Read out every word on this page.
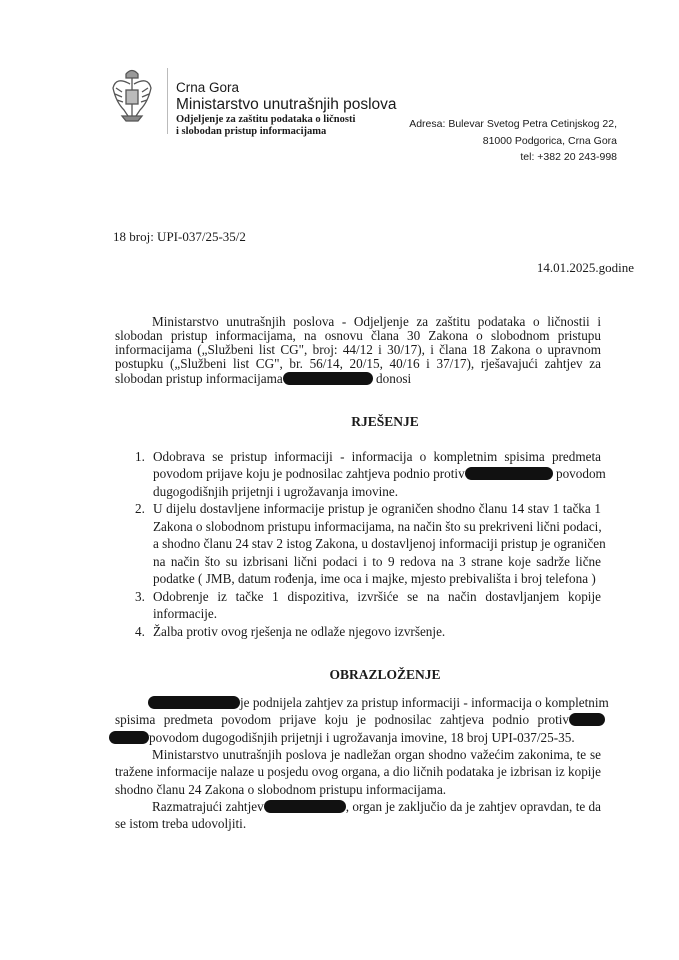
Crna Gora
Ministarstvo unutrašnjih poslova
Odjeljenje za zaštitu podataka o ličnosti
i slobodan pristup informacijama
Adresa: Bulevar Svetog Petra Cetinjskog 22,
81000 Podgorica, Crna Gora
tel: +382 20 243-998
18 broj: UPI-037/25-35/2
14.01.2025.godine
Ministarstvo unutrašnjih poslova - Odjeljenje za zaštitu podataka o ličnostii i
slobodan pristup informacijama, na osnovu člana 30 Zakona o slobodnom pristupu
informacijama („Službeni list CG", broj: 44/12 i 30/17), i člana 18 Zakona o upravnom
postupku („Službeni list CG", br. 56/14, 20/15, 40/16 i 37/17), rješavajući zahtjev za
slobodan pristup informacijama	donosi
RJEŠENJE
1. Odobrava se pristup informaciji - informacija o kompletnim spisima predmeta
povodom prijave koju je podnosilac zahtjeva podnio protiv	povodom
dugogodišnjih prijetnji i ugrožavanja imovine.
2. U dijelu dostavljene informacije pristup je ograničen shodno članu 14 stav 1 tačka 1
Zakona o slobodnom pristupu informacijama, na način što su prekriveni lični podaci,
a shodno članu 24 stav 2 istog Zakona, u dostavljenoj informaciji pristup je ograničen
na način što su izbrisani lični podaci i to 9 redova na 3 strane koje sadrže lične
podatke ( JMB, datum rođenja, ime oca i majke, mjesto prebivališta i broj telefona )
3. Odobrenje iz tačke 1 dispozitiva, izvršiće se na način dostavljanjem kopije
informacije.
4. Žalba protiv ovog rješenja ne odlaže njegovo izvršenje.
OBRAZLOŽENJE
je podnijela zahtjev za pristup informaciji - informacija o kompletnim
spisima predmeta povodom prijave koju je podnosilac zahtjeva podnio protiv
povodom dugogodišnjih prijetnji i ugrožavanja imovine, 18 broj UPI-037/25-35.
Ministarstvo unutrašnjih poslova je nadležan organ shodno važećim zakonima, te se
tražene informacije nalaze u posjedu ovog organa, a dio ličnih podataka je izbrisan iz kopije
shodno članu 24 Zakona o slobodnom pristupu informacijama.
Razmatrajući zahtjev	, organ je zaključio da je zahtjev opravdan, te da
se istom treba udovoljiti.
